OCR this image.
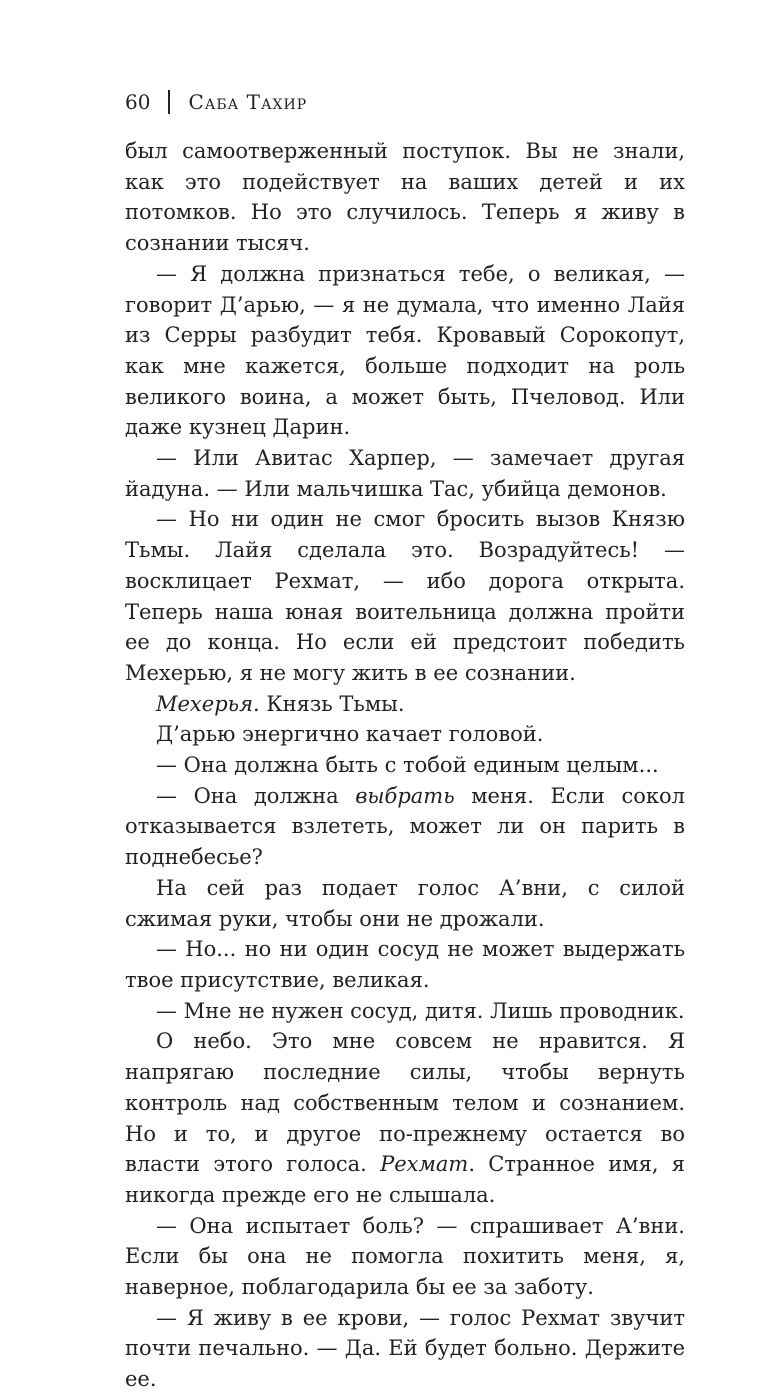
60 Саба Тахир

был самоотверженный поступок. Вы не знали, как это подействует на ваших детей и их потомков. Но это случилось. Теперь я живу в сознании тысяч.

— Я должна признаться тебе, о великая, — говорит Д’арью, — я не думала, что именно Лайя из Серры разбудит тебя. Кровавый Сорокопут, как мне кажется, больше подходит на роль великого воина, а может быть, Пчеловод. Или даже кузнец Дарин.

— Или Авитас Харпер, — замечает другая йадуна. — Или мальчишка Тас, убийца демонов.

— Но ни один не смог бросить вызов Князю Тьмы. Лайя сделала это. Возрадуйтесь! — восклицает Рехмат, — ибо дорога открыта. Теперь наша юная воительница должна пройти ее до конца. Но если ей предстоит победить Мехерью, я не могу жить в ее сознании.

Мехерья. Князь Тьмы.

Д’арью энергично качает головой.

— Она должна быть с тобой единым целым...

— Она должна выбрать меня. Если сокол отказывается взлететь, может ли он парить в поднебесье?

На сей раз подает голос А’вни, с силой сжимая руки, чтобы они не дрожали.

— Но... но ни один сосуд не может выдержать твое присутствие, великая.

— Мне не нужен сосуд, дитя. Лишь проводник.

О небо. Это мне совсем не нравится. Я напрягаю последние силы, чтобы вернуть контроль над собственным телом и сознанием. Но и то, и другое по-прежнему остается во власти этого голоса. Рехмат. Странное имя, я никогда прежде его не слышала.

— Она испытает боль? — спрашивает А’вни. Если бы она не помогла похитить меня, я, наверное, поблагодарила бы ее за заботу.

— Я живу в ее крови, — голос Рехмат звучит почти печально. — Да. Ей будет больно. Держите ее.
